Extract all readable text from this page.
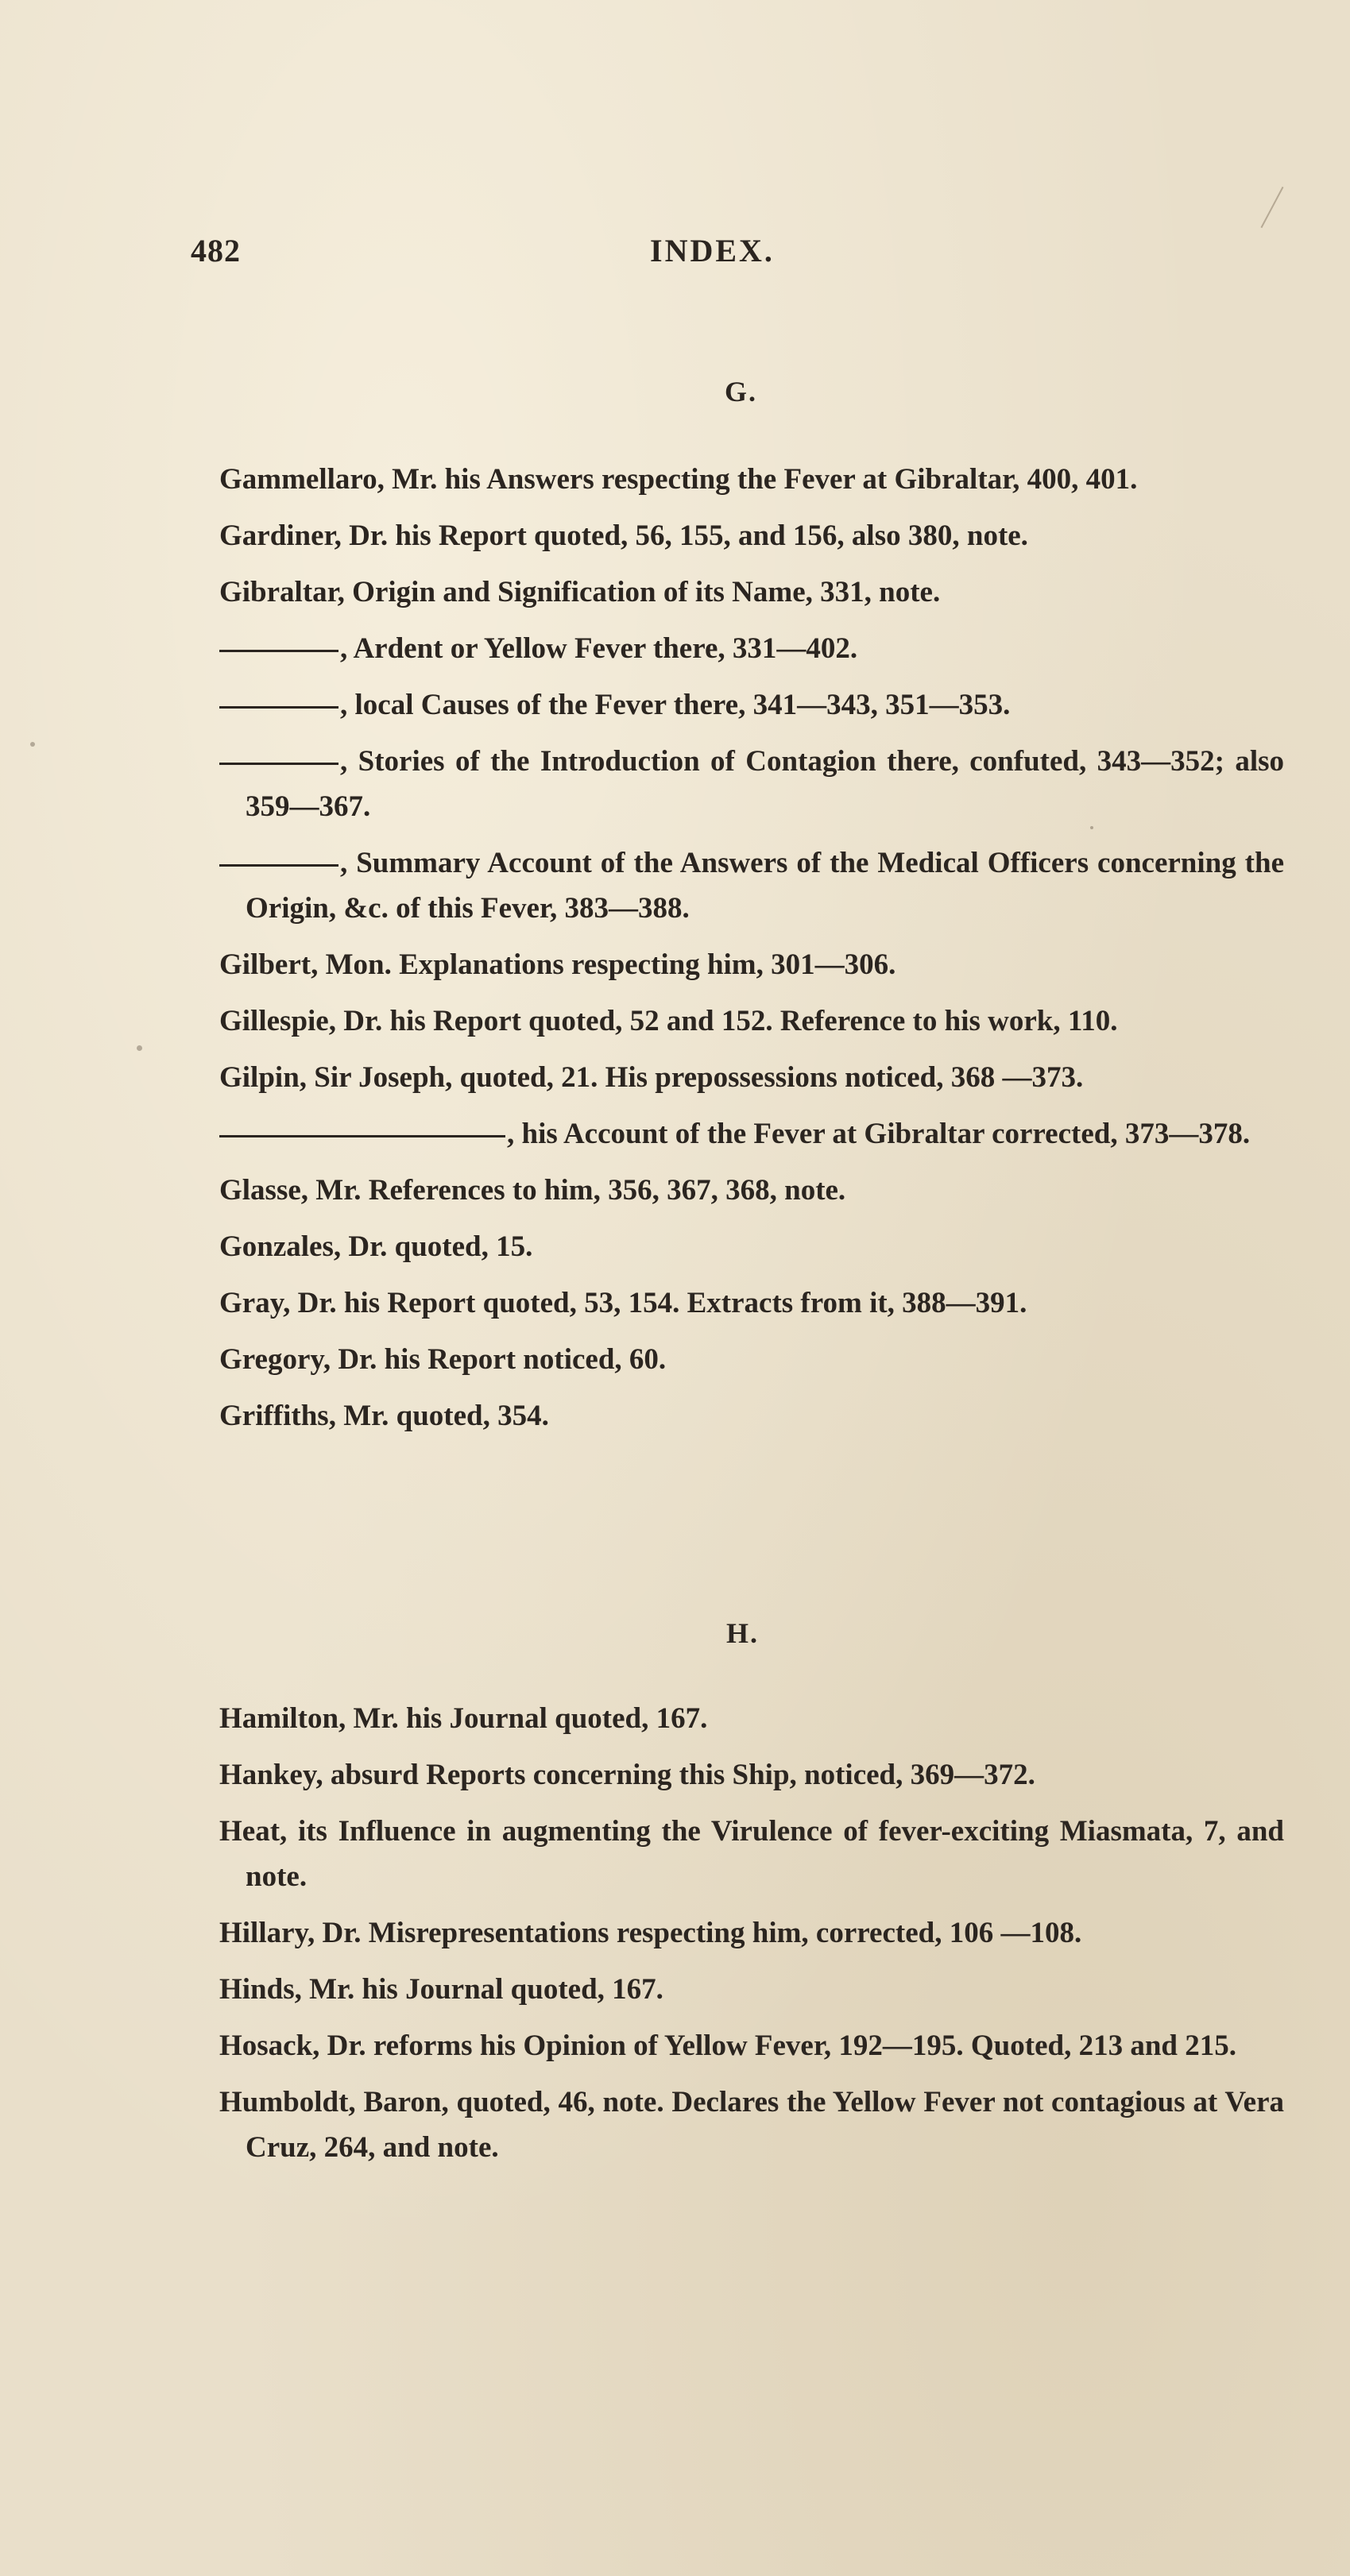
482	INDEX.
G.
Gammellaro, Mr. his Answers respecting the Fever at Gibraltar, 400, 401.
Gardiner, Dr. his Report quoted, 56, 155, and 156, also 380, note.
Gibraltar, Origin and Signification of its Name, 331, note.
, Ardent or Yellow Fever there, 331—402.
, local Causes of the Fever there, 341—343, 351—353.
, Stories of the Introduction of Contagion there, confuted, 343—352; also 359—367.
, Summary Account of the Answers of the Medical Officers concerning the Origin, &c. of this Fever, 383—388.
Gilbert, Mon. Explanations respecting him, 301—306.
Gillespie, Dr. his Report quoted, 52 and 152. Reference to his work, 110.
Gilpin, Sir Joseph, quoted, 21. His prepossessions noticed, 368 —373.
, his Account of the Fever at Gibraltar corrected, 373—378.
Glasse, Mr. References to him, 356, 367, 368, note.
Gonzales, Dr. quoted, 15.
Gray, Dr. his Report quoted, 53, 154. Extracts from it, 388—391.
Gregory, Dr. his Report noticed, 60.
Griffiths, Mr. quoted, 354.
H.
Hamilton, Mr. his Journal quoted, 167.
Hankey, absurd Reports concerning this Ship, noticed, 369—372.
Heat, its Influence in augmenting the Virulence of fever-exciting Miasmata, 7, and note.
Hillary, Dr. Misrepresentations respecting him, corrected, 106 —108.
Hinds, Mr. his Journal quoted, 167.
Hosack, Dr. reforms his Opinion of Yellow Fever, 192—195. Quoted, 213 and 215.
Humboldt, Baron, quoted, 46, note. Declares the Yellow Fever not contagious at Vera Cruz, 264, and note.
